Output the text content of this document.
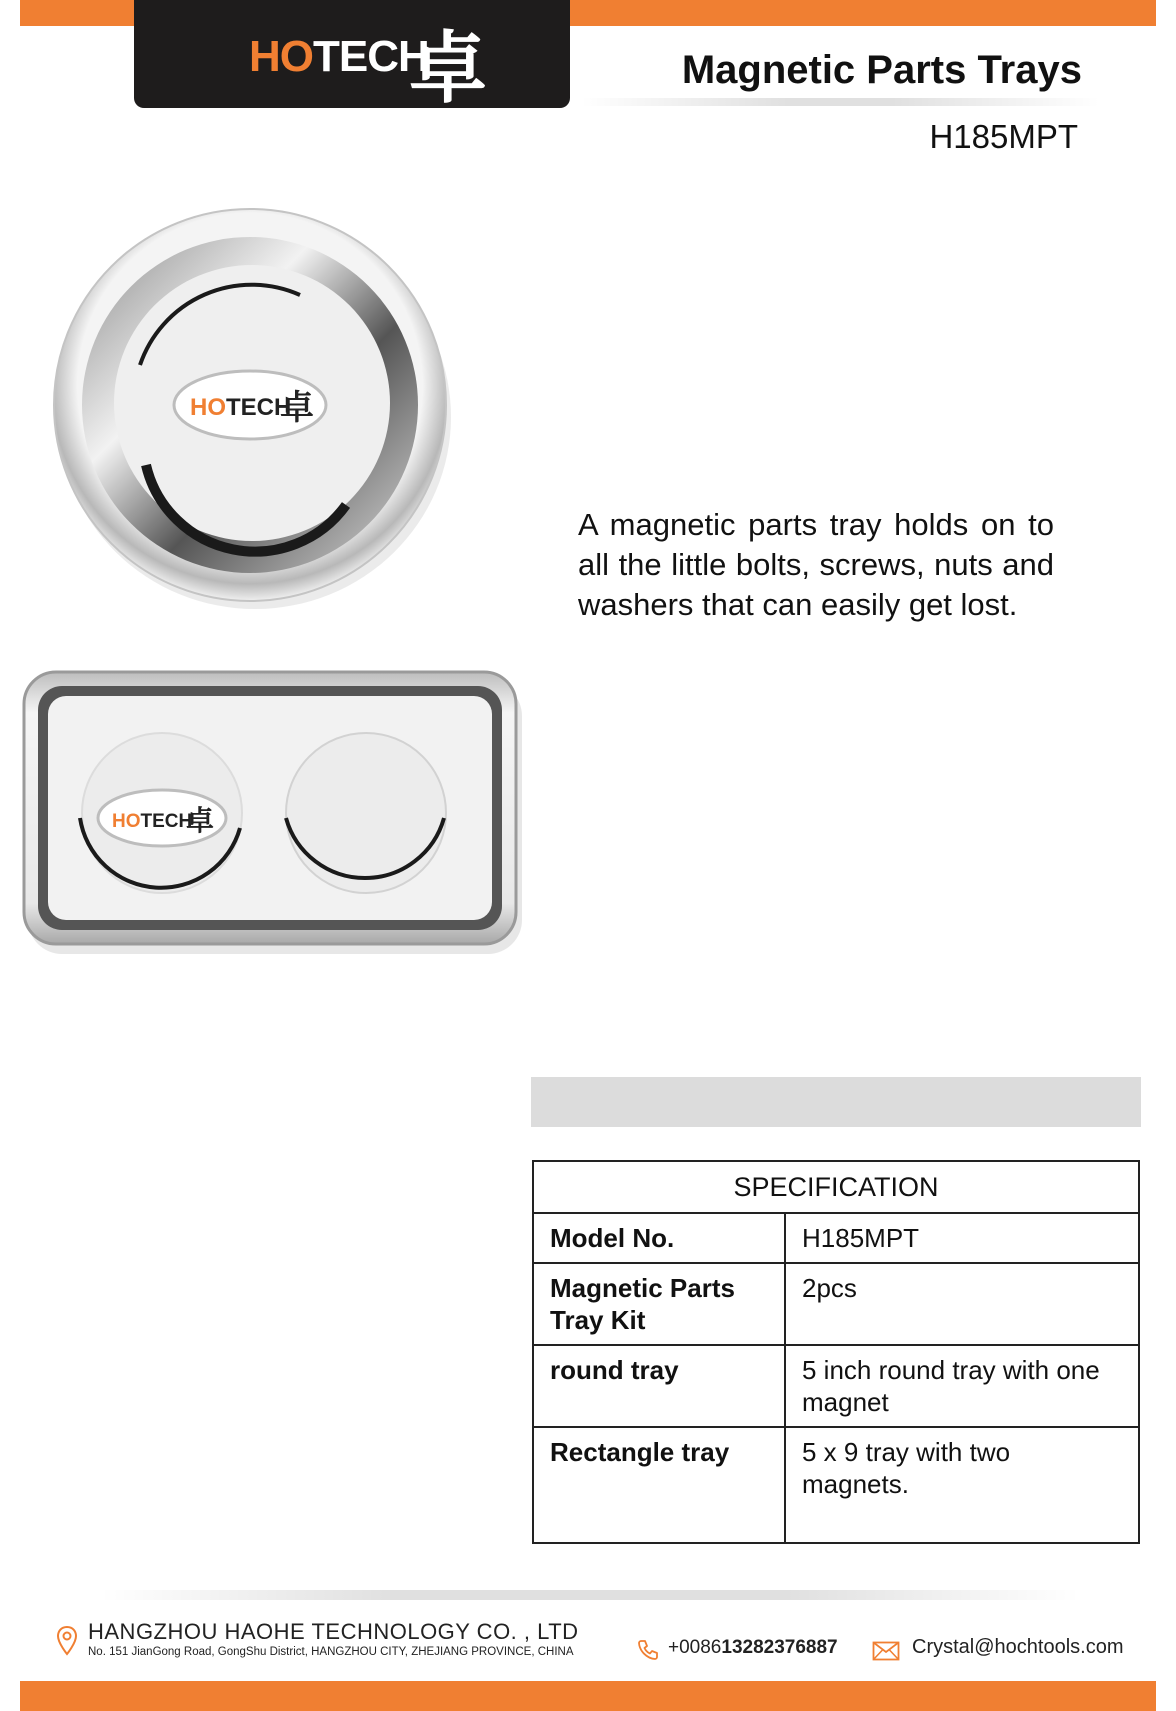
HOTECH
卓	Magnetic Parts Trays
H185MPT
HOTECH
卓
HOTECH
卓
A magnetic parts tray holds on to all the little bolts, screws, nuts and washers that can easily get lost.
SPECIFICATION	
Model No.	H185MPT
Magnetic Parts Tray Kit	2pcs
round tray	5 inch round tray with one magnet
Rectangle tray	5 x 9 tray with two magnets.
HANGZHOU HAOHE TECHNOLOGY CO. , LTD
No. 151 JianGong Road, GongShu District, HANGZHOU CITY, ZHEJIANG PROVINCE, CHINA	+008613282376887	Crystal@hochtools.com
